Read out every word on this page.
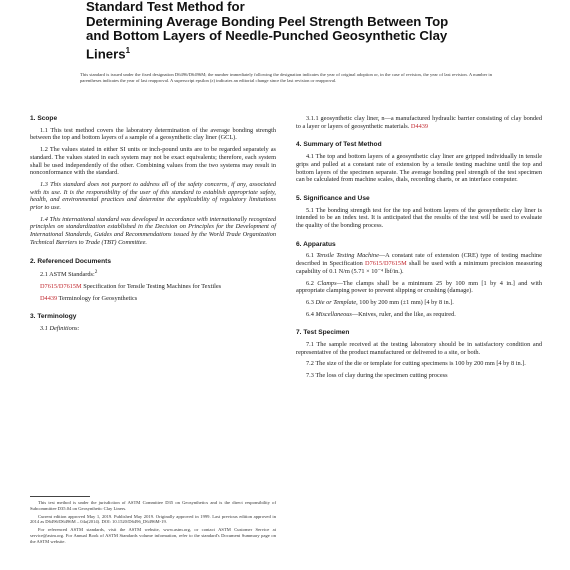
Standard Test Method for
Determining Average Bonding Peel Strength Between Top
and Bottom Layers of Needle-Punched Geosynthetic Clay
Liners$^1$
This standard is issued under the fixed designation D6496/D6496M; the number immediately following the designation indicates the year of original adoption or, in the case of revision, the year of last revision. A number in parentheses indicates the year of last reapproval. A superscript epsilon (ε) indicates an editorial change since the last revision or reapproval.
1. Scope
1.1 This test method covers the laboratory determination of the average bonding strength between the top and bottom layers of a sample of a geosynthetic clay liner (GCL).
1.2 The values stated in either SI units or inch-pound units are to be regarded separately as standard. The values stated in each system may not be exact equivalents; therefore, each system shall be used independently of the other. Combining values from the two systems may result in nonconformance with the standard.
1.3 This standard does not purport to address all of the safety concerns, if any, associated with its use. It is the responsibility of the user of this standard to establish appropriate safety, health, and environmental practices and determine the applicability of regulatory limitations prior to use.
1.4 This international standard was developed in accordance with internationally recognized principles on standardization established in the Decision on Principles for the Development of International Standards, Guides and Recommendations issued by the World Trade Organization Technical Barriers to Trade (TBT) Committee.
2. Referenced Documents
2.1 ASTM Standards:$^2$
D7615/D7615M Specification for Tensile Testing Machines for Textiles
D4439 Terminology for Geosynthetics
3. Terminology
3.1 Definitions:
This test method is under the jurisdiction of ASTM Committee D35 on Geosynthetics and is the direct responsibility of Subcommittee D35.04 on Geosynthetic Clay Liners.
Current edition approved May 1, 2019. Published May 2019. Originally approved in 1999. Last previous edition approved in 2014 as D6496/D6496M – 04a(2014). DOI: 10.1520/D6496_D6496M-19.
For referenced ASTM standards, visit the ASTM website, www.astm.org, or contact ASTM Customer Service at service@astm.org. For Annual Book of ASTM Standards volume information, refer to the standard's Document Summary page on the ASTM website.
3.1.1 geosynthetic clay liner, n—a manufactured hydraulic barrier consisting of clay bonded to a layer or layers of geosynthetic materials. D4439
4. Summary of Test Method
4.1 The top and bottom layers of a geosynthetic clay liner are gripped individually in tensile grips and pulled at a constant rate of extension by a tensile testing machine until the top and bottom layers of the specimen separate. The average bonding peel strength of the test specimen can be calculated from machine scales, dials, recording charts, or an interface computer.
5. Significance and Use
5.1 The bonding strength test for the top and bottom layers of the geosynthetic clay liner is intended to be an index test. It is anticipated that the results of the test will be used to evaluate the quality of the bonding process.
6. Apparatus
6.1 Tensile Testing Machine—A constant rate of extension (CRE) type of testing machine described in Specification D7615/D7615M shall be used with a minimum precision measuring capability of 0.1 N/m (5.71 × 10⁻⁴ lbf/in.).
6.2 Clamps—The clamps shall be a minimum 25 by 100 mm [1 by 4 in.] and with appropriate clamping power to prevent slipping or crushing (damage).
6.3 Die or Template, 100 by 200 mm (±1 mm) [4 by 8 in.].
6.4 Miscellaneous—Knives, ruler, and the like, as required.
7. Test Specimen
7.1 The sample received at the testing laboratory should be in satisfactory condition and representative of the product manufactured or delivered to a site, or both.
7.2 The size of the die or template for cutting specimens is 100 by 200 mm [4 by 8 in.].
7.3 The loss of clay during the specimen cutting process
